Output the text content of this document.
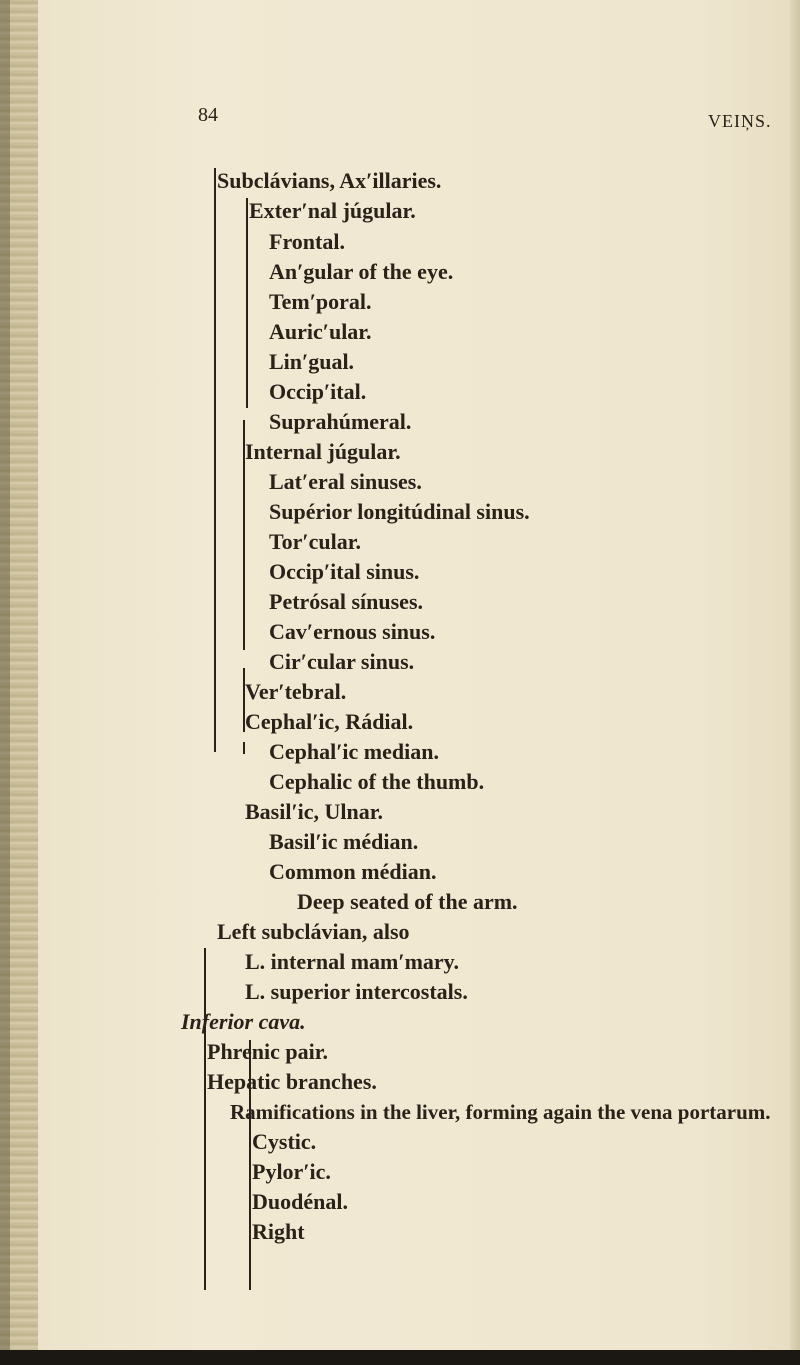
84	VEIŅS.
Subclávians, Ax′illaries.
Exter′nal júgular.
Frontal.
An′gular of the eye.
Tem′poral.
Auric′ular.
Lin′gual.
Occip′ital.
Suprahúmeral.
Internal júgular.
Lat′eral sinuses.
Supérior longitúdinal sinus.
Tor′cular.
Occip′ital sinus.
Petrósal sínuses.
Cav′ernous sinus.
Cir′cular sinus.
Ver′tebral.
Cephal′ic, Rádial.
Cephal′ic median.
Cephalic of the thumb.
Basil′ic, Ulnar.
Basil′ic médian.
Common médian.
Deep seated of the arm.
Left subclávian, also
L. internal mam′mary.
L. superior intercostals.
Inferior cava.
Phrenic pair.
Hepatic branches.
Ramifications in the liver, forming again the vena portarum.
Cystic.
Pylor′ic.
Duodénal.
Right
